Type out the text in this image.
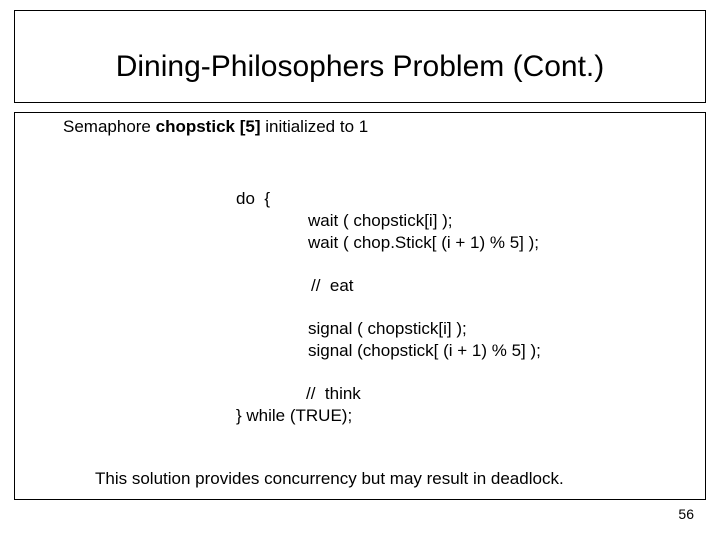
Dining-Philosophers Problem (Cont.)
Semaphore chopstick [5] initialized to 1
do  {
wait ( chopstick[i] );
wait ( chop.Stick[ (i + 1) % 5] );
//  eat
signal ( chopstick[i] );
signal (chopstick[ (i + 1) % 5] );
//  think
} while (TRUE);
This solution provides concurrency but may result in deadlock.
56
